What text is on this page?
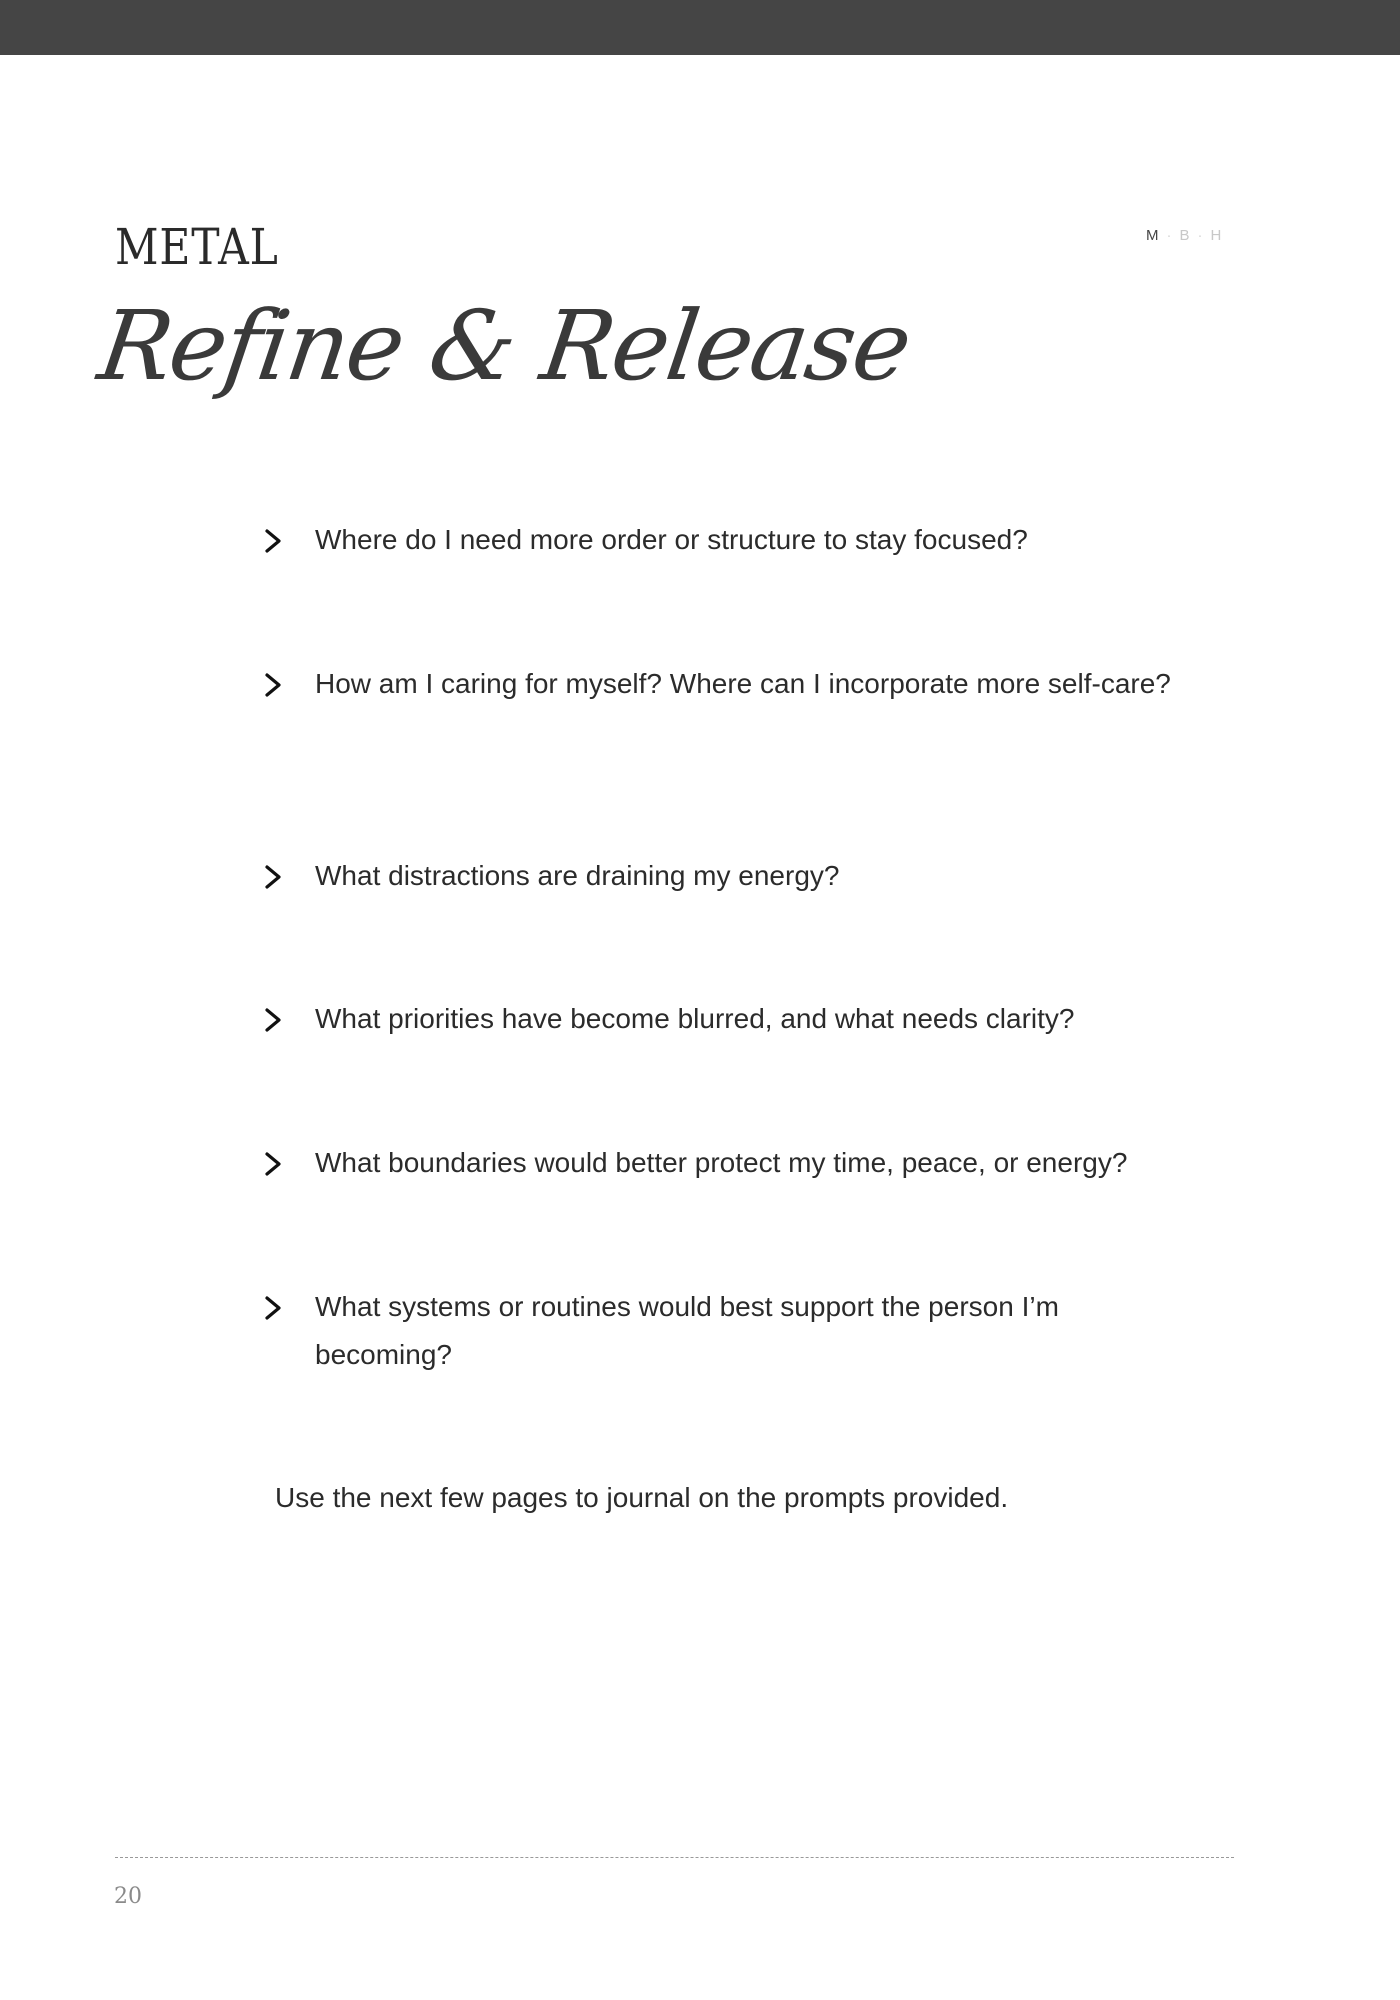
METAL
Refine & Release
M · B · H
Where do I need more order or structure to stay focused?
How am I caring for myself? Where can I incorporate more self-care?
What distractions are draining my energy?
What priorities have become blurred, and what needs clarity?
What boundaries would better protect my time, peace, or energy?
What systems or routines would best support the person I’m becoming?
Use the next few pages to journal on the prompts provided.
20
